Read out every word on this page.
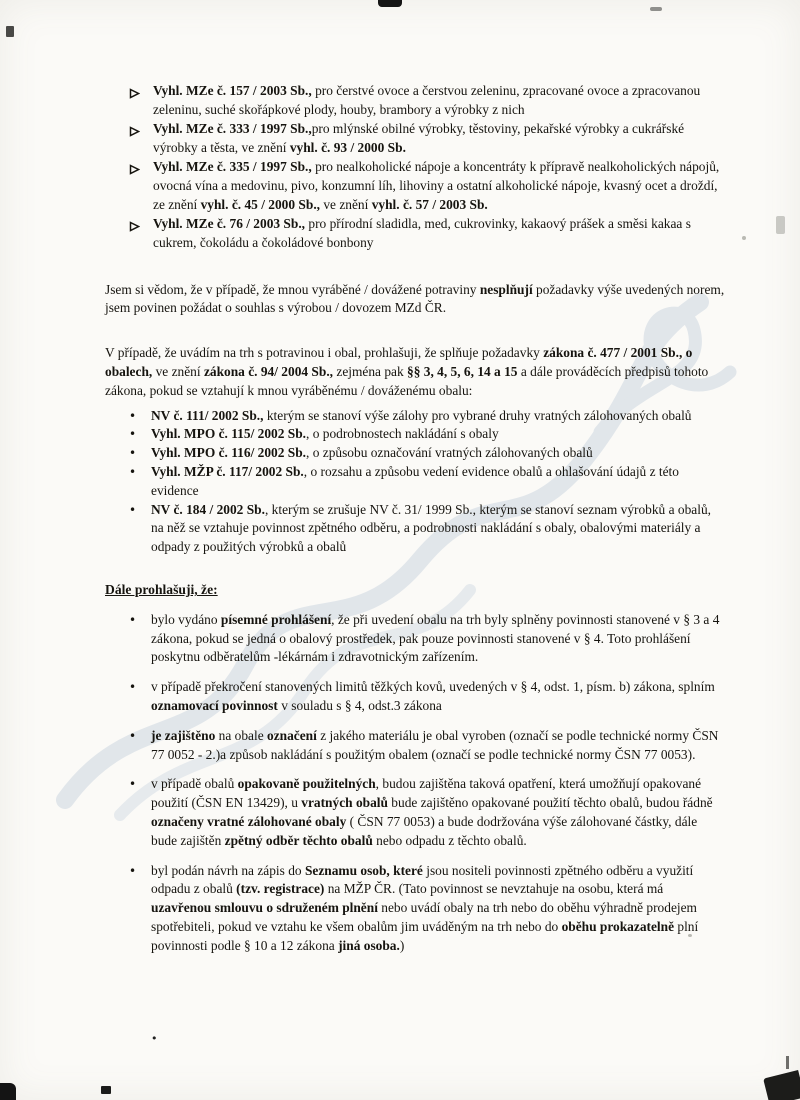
Vyhl. MZe č. 157 / 2003 Sb., pro čerstvé ovoce a čerstvou zeleninu, zpracované ovoce a zpracovanou zeleninu, suché skořápkové plody, houby, brambory a výrobky z nich
Vyhl. MZe č. 333 / 1997 Sb.,pro mlýnské obilné výrobky, těstoviny, pekařské výrobky a cukrářské výrobky a těsta, ve znění vyhl. č. 93 / 2000 Sb.
Vyhl. MZe č. 335 / 1997 Sb., pro nealkoholické nápoje a koncentráty k přípravě nealkoholických nápojů, ovocná vína a medovinu, pivo, konzumní líh, lihoviny a ostatní alkoholické nápoje, kvasný ocet a droždí, ze znění vyhl. č. 45 / 2000 Sb., ve znění vyhl. č. 57 / 2003 Sb.
Vyhl. MZe č. 76 / 2003 Sb., pro přírodní sladidla, med, cukrovinky, kakaový prášek a směsi kakaa s cukrem, čokoládu a čokoládové bonbony

Jsem si vědom, že v případě, že mnou vyráběné / dovážené potraviny nesplňují požadavky výše uvedených norem, jsem povinen požádat o souhlas s výrobou / dovozem MZd ČR.

V případě, že uvádím na trh s potravinou i obal, prohlašuji, že splňuje požadavky zákona č. 477 / 2001 Sb., o obalech, ve znění zákona č. 94/ 2004 Sb., zejména pak §§ 3, 4, 5, 6, 14 a 15 a dále prováděcích předpisů tohoto zákona, pokud se vztahují k mnou vyráběnému / dováženému obalu:

•	NV č. 111/ 2002 Sb., kterým se stanoví výše zálohy pro vybrané druhy vratných zálohovaných obalů
•	Vyhl. MPO č. 115/ 2002 Sb., o podrobnostech nakládání s obaly
•	Vyhl. MPO č. 116/ 2002 Sb., o způsobu označování vratných zálohovaných obalů
•	Vyhl. MŽP č. 117/ 2002 Sb., o rozsahu a způsobu vedení evidence obalů a ohlašování údajů z této evidence
•	NV č. 184 / 2002 Sb., kterým se zrušuje NV č. 31/ 1999 Sb., kterým se stanoví seznam výrobků a obalů, na něž se vztahuje povinnost zpětného odběru, a podrobnosti nakládání s obaly, obalovými materiály a odpady z použitých výrobků a obalů
Dále prohlašuji, že:
•	bylo vydáno písemné prohlášení, že při uvedení obalu na trh byly splněny povinnosti stanovené v § 3 a 4 zákona, pokud se jedná o obalový prostředek, pak pouze povinnosti stanovené v § 4. Toto prohlášení poskytnu odběratelům -lékárnám i zdravotnickým zařízením.
•	v případě překročení stanovených limitů těžkých kovů, uvedených v § 4, odst. 1, písm. b) zákona, splním oznamovací povinnost v souladu s § 4, odst.3 zákona
•	je zajištěno na obale označení z jakého materiálu je obal vyroben (označí se podle technické normy ČSN 77 0052 - 2.)a způsob nakládání s použitým obalem (označí se podle technické normy ČSN 77 0053).
•	v případě obalů opakovaně použitelných, budou zajištěna taková opatření, která umožňují opakované použití (ČSN EN 13429), u vratných obalů bude zajištěno opakované použití těchto obalů, budou řádně označeny vratné zálohované obaly ( ČSN 77 0053) a bude dodržována výše zálohované částky, dále bude zajištěn zpětný odběr těchto obalů nebo odpadu z těchto obalů.
•	byl podán návrh na zápis do Seznamu osob, které jsou nositeli povinnosti zpětného odběru a využití odpadu z obalů (tzv. registrace) na MŽP ČR. (Tato povinnost se nevztahuje na osobu, která má uzavřenou smlouvu o sdruženém plnění nebo uvádí obaly na trh nebo do oběhu výhradně prodejem spotřebiteli, pokud ve vztahu ke všem obalům jim uváděným na trh nebo do oběhu prokazatelně plní povinnosti podle § 10 a 12 zákona jiná osoba.)
•
